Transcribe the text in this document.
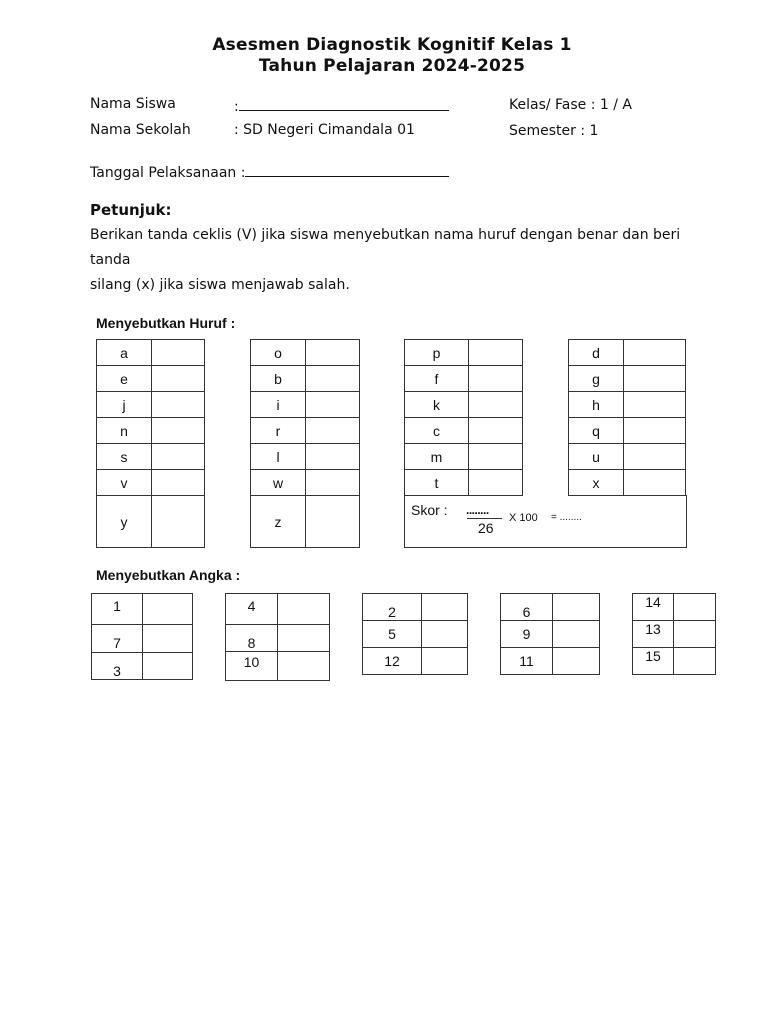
Asesmen Diagnostik Kognitif Kelas 1
Tahun Pelajaran 2024-2025
Nama Siswa	:	Kelas/ Fase : 1 / A
Nama Sekolah	: SD Negeri Cimandala 01	Semester : 1
Tanggal Pelaksanaan :
Petunjuk:
Berikan tanda ceklis (V) jika siswa menyebutkan nama huruf dengan benar dan beri
tanda
silang (x) jika siswa menjawab salah.
Menyebutkan Huruf :
a	
e	
j	
n	
s	
v	
y	
o	
b	
i	
r	
l	
w	
z	
p	
f	
k	
c	
m	
t	
d	
g	
h	
q	
u	
x	
Skor : ........
26
X 100 = ........
Menyebutkan Angka :
1	
7	
3	
4	
8	
10	
2	
5	
12	
6	
9	
11	
14	
13	
15	
